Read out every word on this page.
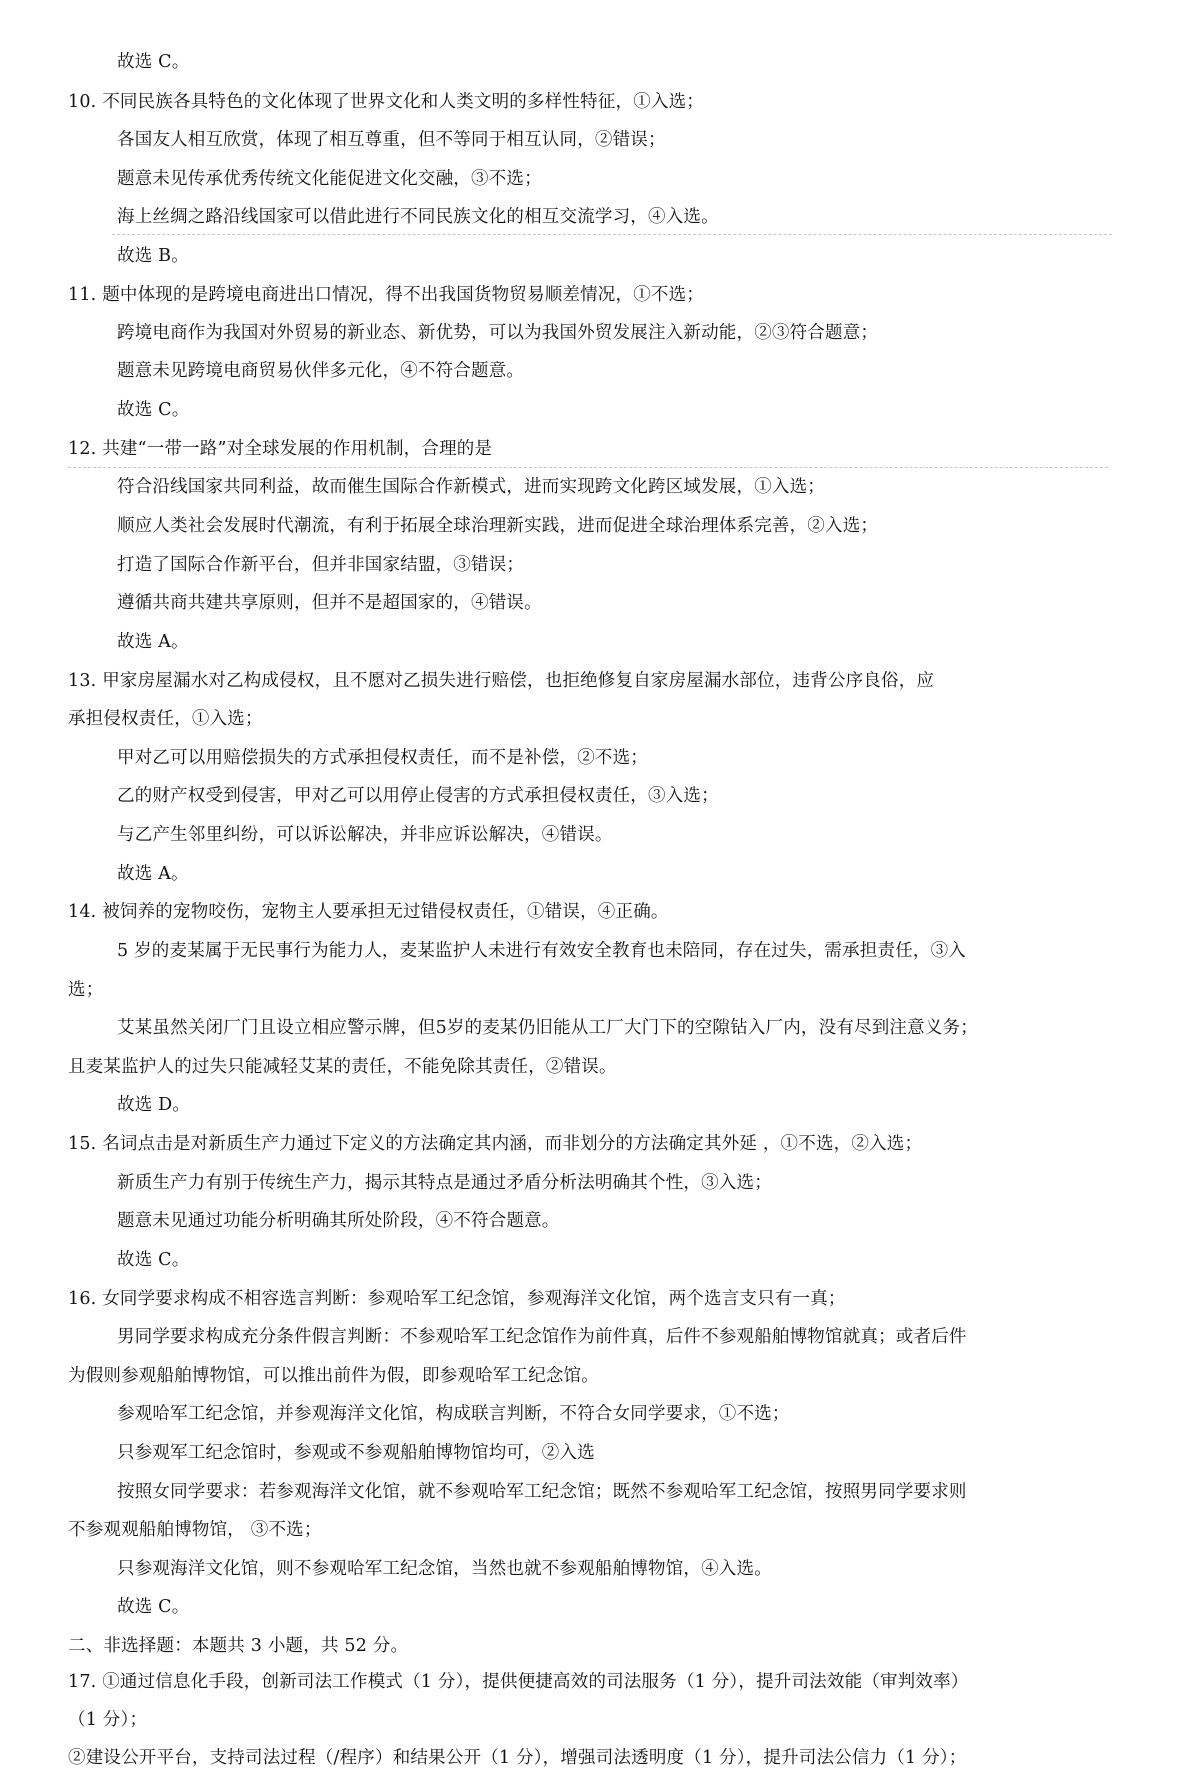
故选 C。
10. 不同民族各具特色的文化体现了世界文化和人类文明的多样性特征，①入选；
各国友人相互欣赏，体现了相互尊重，但不等同于相互认同，②错误；
题意未见传承优秀传统文化能促进文化交融，③不选；
海上丝绸之路沿线国家可以借此进行不同民族文化的相互交流学习，④入选。
故选 B。
11. 题中体现的是跨境电商进出口情况，得不出我国货物贸易顺差情况，①不选；
跨境电商作为我国对外贸易的新业态、新优势，可以为我国外贸发展注入新动能，②③符合题意；
题意未见跨境电商贸易伙伴多元化，④不符合题意。
故选 C。
12. 共建“一带一路”对全球发展的作用机制，合理的是
符合沿线国家共同利益，故而催生国际合作新模式，进而实现跨文化跨区域发展，①入选；
顺应人类社会发展时代潮流，有利于拓展全球治理新实践，进而促进全球治理体系完善，②入选；
打造了国际合作新平台，但并非国家结盟，③错误；
遵循共商共建共享原则，但并不是超国家的，④错误。
故选 A。
13. 甲家房屋漏水对乙构成侵权，且不愿对乙损失进行赔偿，也拒绝修复自家房屋漏水部位，违背公序良俗，应
承担侵权责任，①入选；
甲对乙可以用赔偿损失的方式承担侵权责任，而不是补偿，②不选；
乙的财产权受到侵害，甲对乙可以用停止侵害的方式承担侵权责任，③入选；
与乙产生邻里纠纷，可以诉讼解决，并非应诉讼解决，④错误。
故选 A。
14. 被饲养的宠物咬伤，宠物主人要承担无过错侵权责任，①错误，④正确。
5 岁的麦某属于无民事行为能力人，麦某监护人未进行有效安全教育也未陪同，存在过失，需承担责任，③入
选；
艾某虽然关闭厂门且设立相应警示牌，但5岁的麦某仍旧能从工厂大门下的空隙钻入厂内，没有尽到注意义务；
且麦某监护人的过失只能减轻艾某的责任，不能免除其责任，②错误。
故选 D。
15. 名词点击是对新质生产力通过下定义的方法确定其内涵，而非划分的方法确定其外延 ，①不选，②入选；
新质生产力有别于传统生产力，揭示其特点是通过矛盾分析法明确其个性，③入选；
题意未见通过功能分析明确其所处阶段，④不符合题意。
故选 C。
16. 女同学要求构成不相容选言判断：参观哈军工纪念馆，参观海洋文化馆，两个选言支只有一真；
男同学要求构成充分条件假言判断：不参观哈军工纪念馆作为前件真，后件不参观船舶博物馆就真；或者后件
为假则参观船舶博物馆，可以推出前件为假，即参观哈军工纪念馆。
参观哈军工纪念馆，并参观海洋文化馆，构成联言判断，不符合女同学要求，①不选；
只参观军工纪念馆时，参观或不参观船舶博物馆均可，②入选
按照女同学要求：若参观海洋文化馆，就不参观哈军工纪念馆；既然不参观哈军工纪念馆，按照男同学要求则
不参观观船舶博物馆， ③不选；
只参观海洋文化馆，则不参观哈军工纪念馆，当然也就不参观船舶博物馆，④入选。
故选 C。
二、非选择题：本题共 3 小题，共 52 分。
17. ①通过信息化手段，创新司法工作模式（1 分），提供便捷高效的司法服务（1 分），提升司法效能（审判效率）
（1 分）；
②建设公开平台，支持司法过程（/程序）和结果公开（1 分），增强司法透明度（1 分），提升司法公信力（1 分）；
